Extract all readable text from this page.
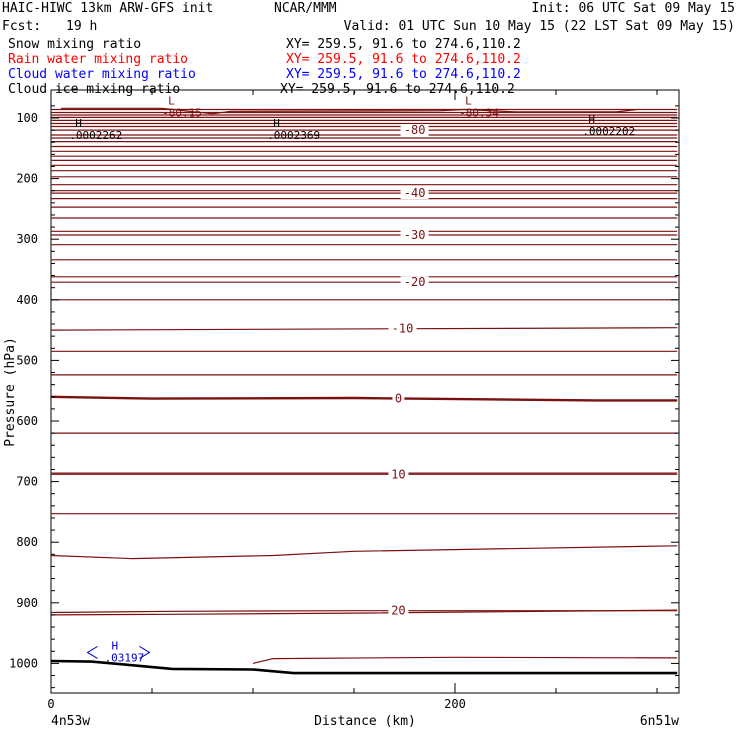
HAIC-HIWC 13km ARW-GFS init	NCAR/MMM	Init: 06 UTC Sat 09 May 15
Fcst: 19 h	Valid: 01 UTC Sun 10 May 15 (22 LST Sat 09 May 15)
Snow mixing ratio	XY= 259.5, 91.6 to 274.6,110.2
Rain water mixing ratio	XY= 259.5, 91.6 to 274.6,110.2
Cloud water mixing ratio	XY= 259.5, 91.6 to 274.6,110.2
Cloud ice mixing ratio	XY= 259.5, 91.6 to 274.6,110.2
-80
-40
-30
-20
-10
0
10
20
H
.0002262
H
.0002369
H
.0002202
L
-80.15
L
-80.34
H
.03197
100
200
300
400
500
600
700
800
900
1000
0	200
Distance (km)
Pressure (hPa)
4n53w	6n51w
